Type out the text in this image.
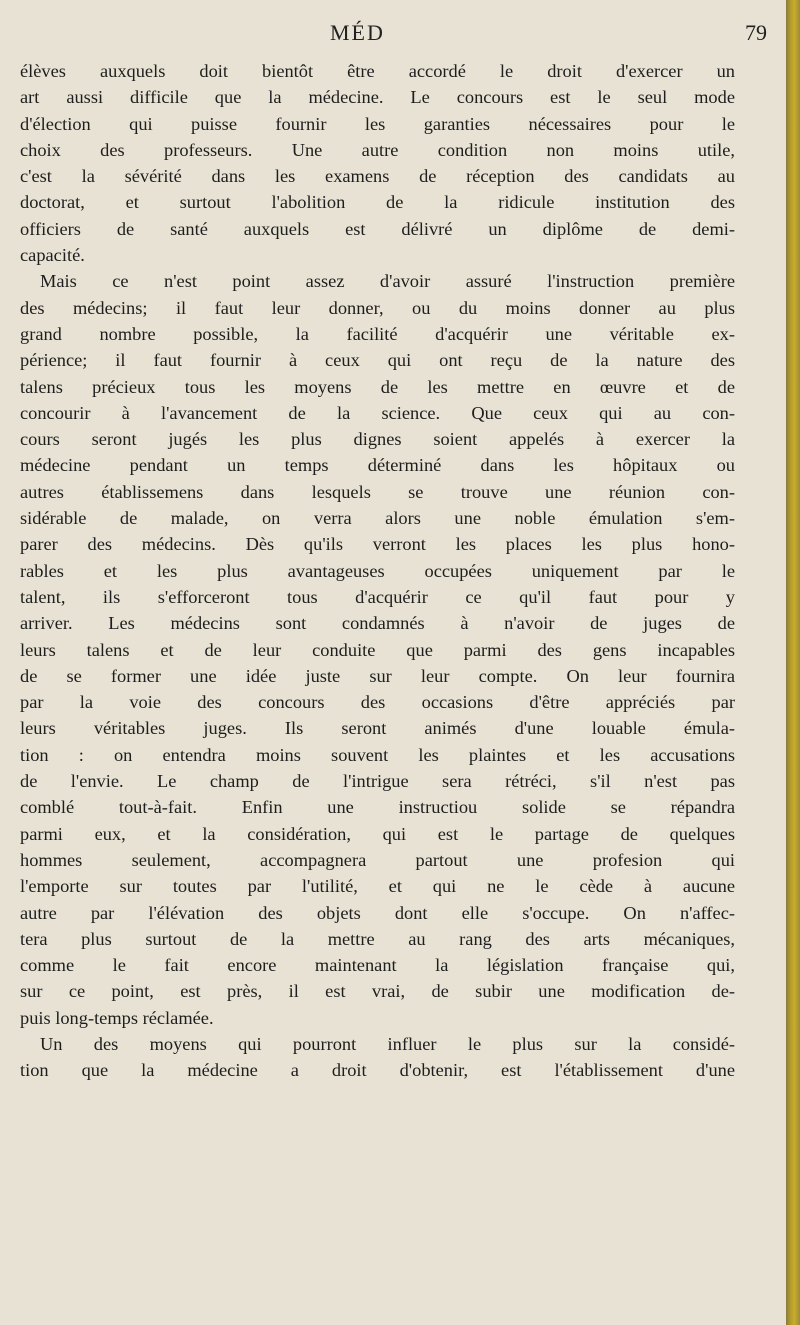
MÉD	79
élèves auxquels doit bientôt être accordé le droit d'exercer un
art aussi difficile que la médecine. Le concours est le seul mode
d'élection qui puisse fournir les garanties nécessaires pour le
choix des professeurs. Une autre condition non moins utile,
c'est la sévérité dans les examens de réception des candidats au
doctorat, et surtout l'abolition de la ridicule institution des
officiers de santé auxquels est délivré un diplôme de demi-
capacité.
Mais ce n'est point assez d'avoir assuré l'instruction première
des médecins; il faut leur donner, ou du moins donner au plus
grand nombre possible, la facilité d'acquérir une véritable ex-
périence; il faut fournir à ceux qui ont reçu de la nature des
talens précieux tous les moyens de les mettre en œuvre et de
concourir à l'avancement de la science. Que ceux qui au con-
cours seront jugés les plus dignes soient appelés à exercer la
médecine pendant un temps déterminé dans les hôpitaux ou
autres établissemens dans lesquels se trouve une réunion con-
sidérable de malade, on verra alors une noble émulation s'em-
parer des médecins. Dès qu'ils verront les places les plus hono-
rables et les plus avantageuses occupées uniquement par le
talent, ils s'efforceront tous d'acquérir ce qu'il faut pour y
arriver. Les médecins sont condamnés à n'avoir de juges de
leurs talens et de leur conduite que parmi des gens incapables
de se former une idée juste sur leur compte. On leur fournira
par la voie des concours des occasions d'être appréciés par
leurs véritables juges. Ils seront animés d'une louable émula-
tion : on entendra moins souvent les plaintes et les accusations
de l'envie. Le champ de l'intrigue sera rétréci, s'il n'est pas
comblé tout-à-fait. Enfin une instructiou solide se répandra
parmi eux, et la considération, qui est le partage de quelques
hommes seulement, accompagnera partout une profesion qui
l'emporte sur toutes par l'utilité, et qui ne le cède à aucune
autre par l'élévation des objets dont elle s'occupe. On n'affec-
tera plus surtout de la mettre au rang des arts mécaniques,
comme le fait encore maintenant la législation française qui,
sur ce point, est près, il est vrai, de subir une modification de-
puis long-temps réclamée.
Un des moyens qui pourront influer le plus sur la considé-
tion que la médecine a droit d'obtenir, est l'établissement d'une
